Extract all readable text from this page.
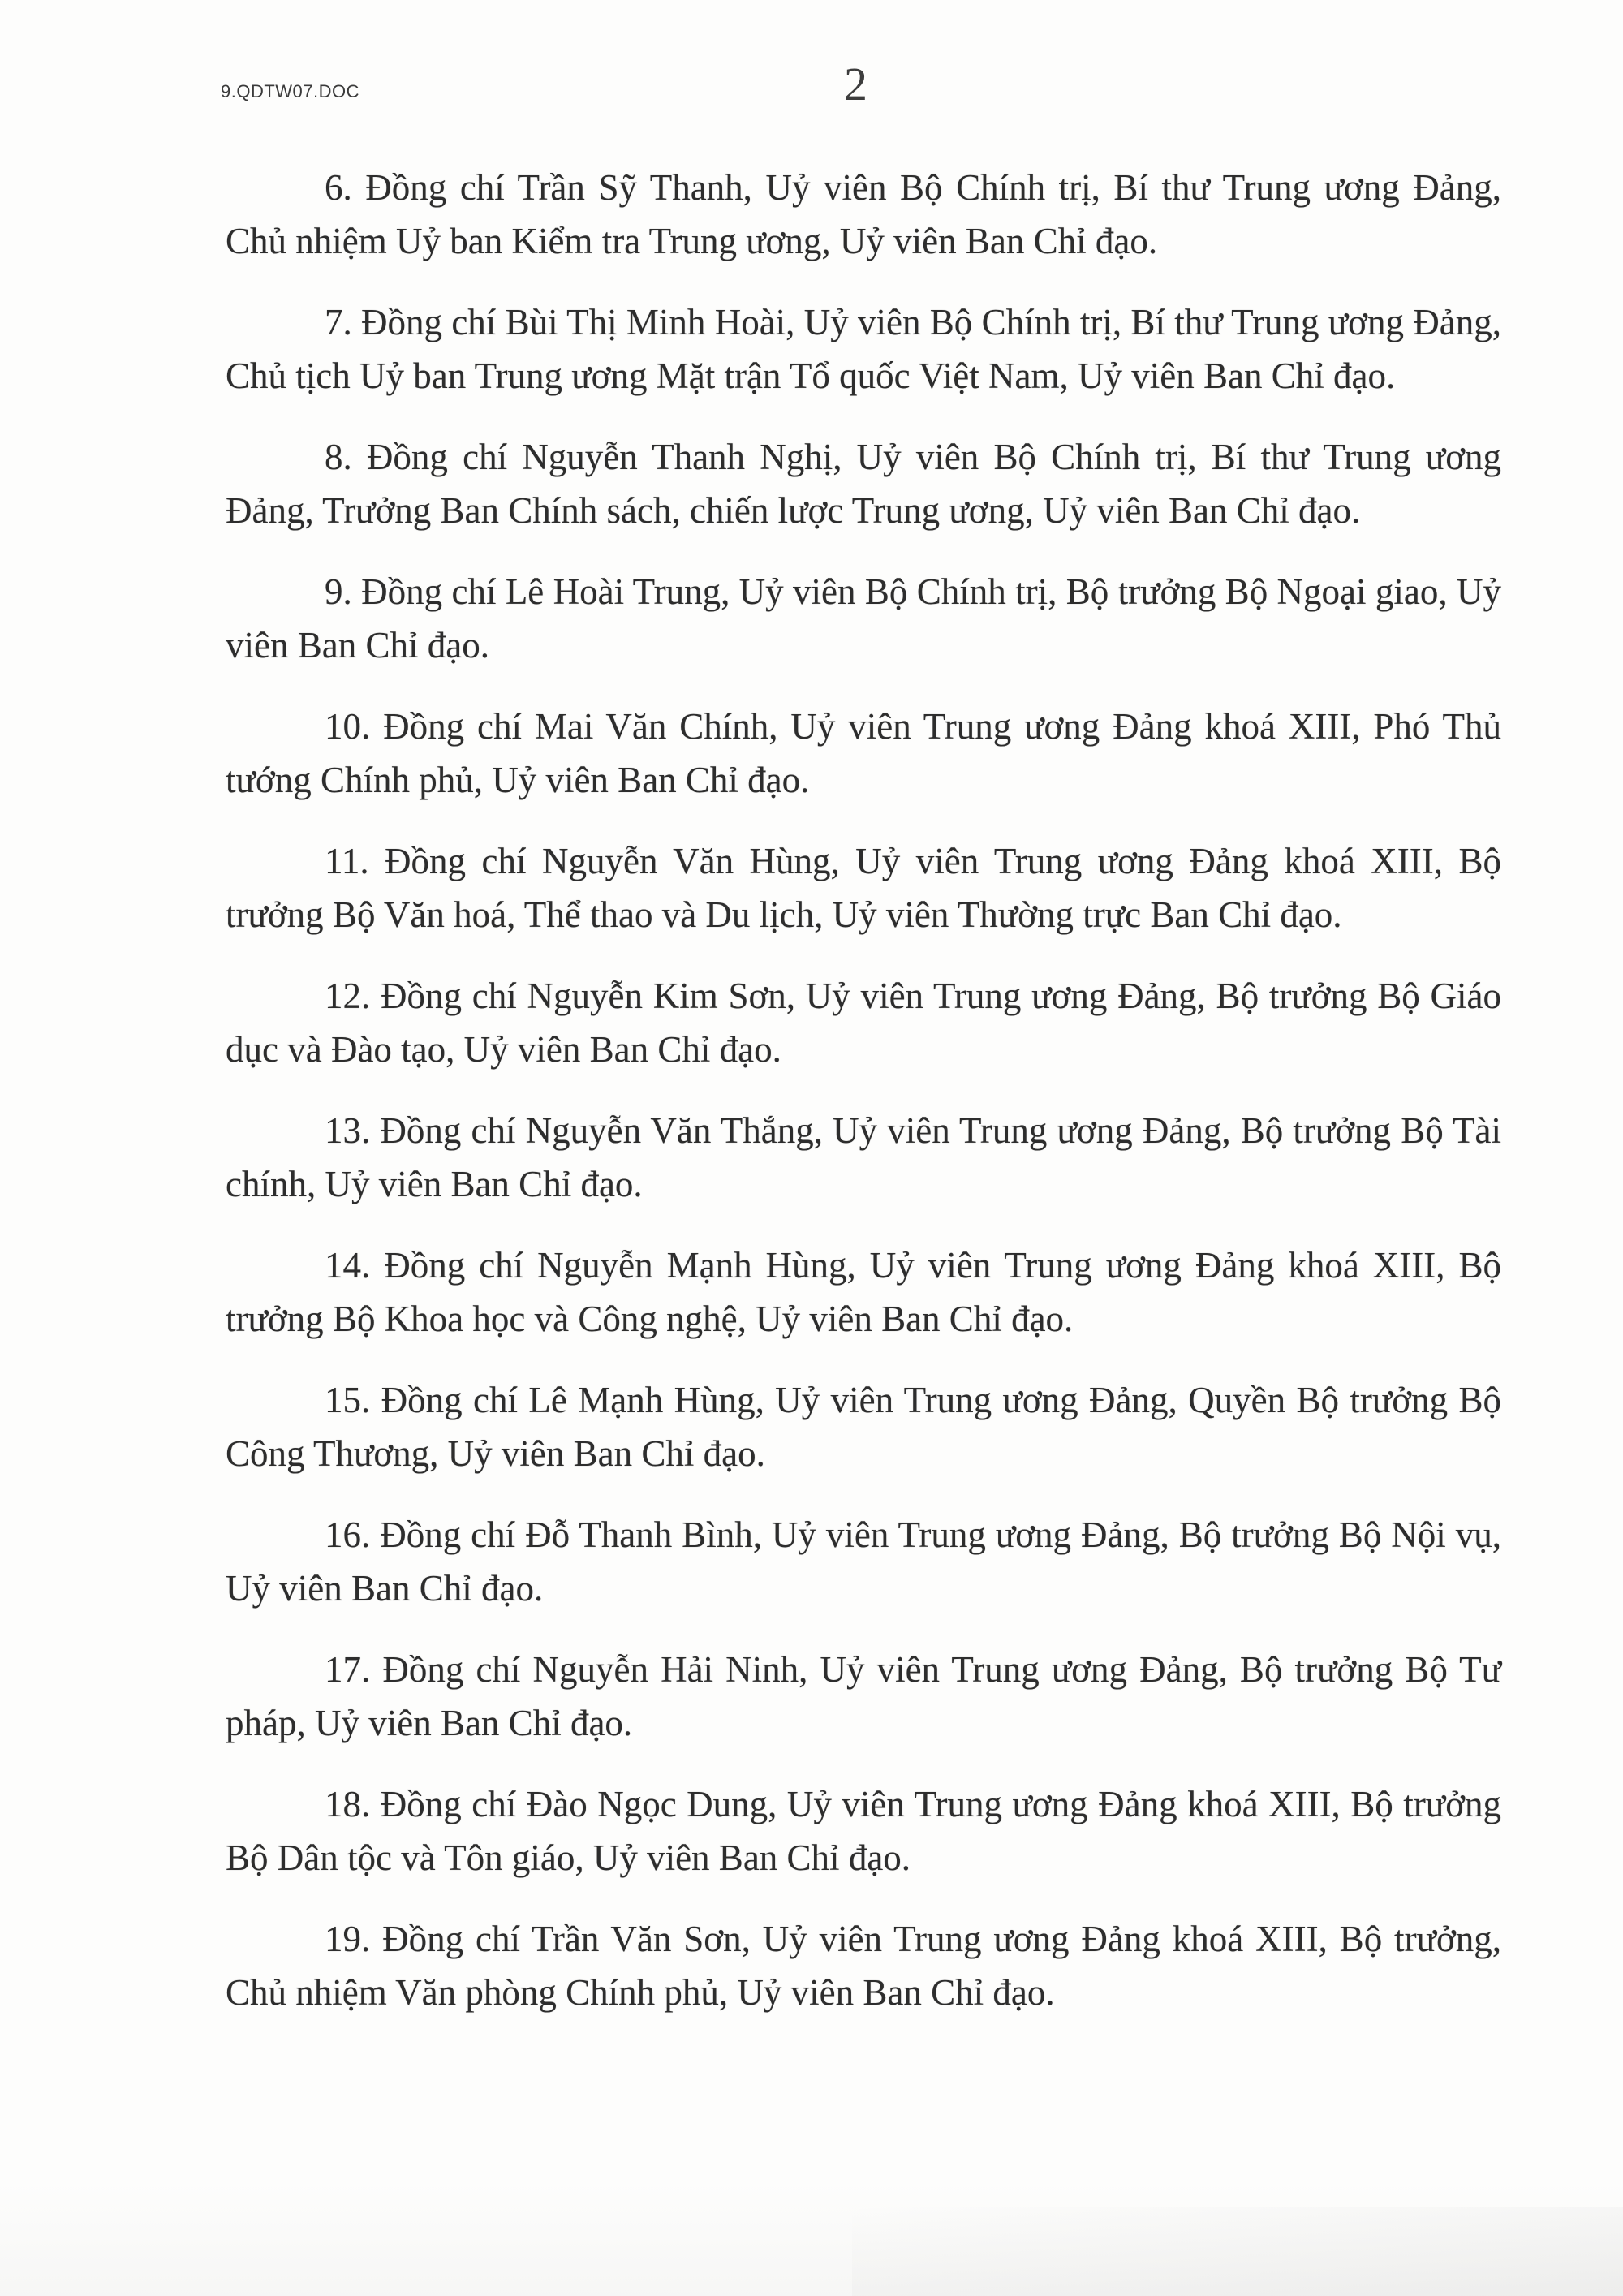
9.QDTW07.DOC	2

6. Đồng chí Trần Sỹ Thanh, Uỷ viên Bộ Chính trị, Bí thư Trung ương Đảng, Chủ nhiệm Uỷ ban Kiểm tra Trung ương, Uỷ viên Ban Chỉ đạo.

7. Đồng chí Bùi Thị Minh Hoài, Uỷ viên Bộ Chính trị, Bí thư Trung ương Đảng, Chủ tịch Uỷ ban Trung ương Mặt trận Tổ quốc Việt Nam, Uỷ viên Ban Chỉ đạo.

8. Đồng chí Nguyễn Thanh Nghị, Uỷ viên Bộ Chính trị, Bí thư Trung ương Đảng, Trưởng Ban Chính sách, chiến lược Trung ương, Uỷ viên Ban Chỉ đạo.

9. Đồng chí Lê Hoài Trung, Uỷ viên Bộ Chính trị, Bộ trưởng Bộ Ngoại giao, Uỷ viên Ban Chỉ đạo.

10. Đồng chí Mai Văn Chính, Uỷ viên Trung ương Đảng khoá XIII, Phó Thủ tướng Chính phủ, Uỷ viên Ban Chỉ đạo.

11. Đồng chí Nguyễn Văn Hùng, Uỷ viên Trung ương Đảng khoá XIII, Bộ trưởng Bộ Văn hoá, Thể thao và Du lịch, Uỷ viên Thường trực Ban Chỉ đạo.

12. Đồng chí Nguyễn Kim Sơn, Uỷ viên Trung ương Đảng, Bộ trưởng Bộ Giáo dục và Đào tạo, Uỷ viên Ban Chỉ đạo.

13. Đồng chí Nguyễn Văn Thắng, Uỷ viên Trung ương Đảng, Bộ trưởng Bộ Tài chính, Uỷ viên Ban Chỉ đạo.

14. Đồng chí Nguyễn Mạnh Hùng, Uỷ viên Trung ương Đảng khoá XIII, Bộ trưởng Bộ Khoa học và Công nghệ, Uỷ viên Ban Chỉ đạo.

15. Đồng chí Lê Mạnh Hùng, Uỷ viên Trung ương Đảng, Quyền Bộ trưởng Bộ Công Thương, Uỷ viên Ban Chỉ đạo.

16. Đồng chí Đỗ Thanh Bình, Uỷ viên Trung ương Đảng, Bộ trưởng Bộ Nội vụ, Uỷ viên Ban Chỉ đạo.

17. Đồng chí Nguyễn Hải Ninh, Uỷ viên Trung ương Đảng, Bộ trưởng Bộ Tư pháp, Uỷ viên Ban Chỉ đạo.

18. Đồng chí Đào Ngọc Dung, Uỷ viên Trung ương Đảng khoá XIII, Bộ trưởng Bộ Dân tộc và Tôn giáo, Uỷ viên Ban Chỉ đạo.

19. Đồng chí Trần Văn Sơn, Uỷ viên Trung ương Đảng khoá XIII, Bộ trưởng, Chủ nhiệm Văn phòng Chính phủ, Uỷ viên Ban Chỉ đạo.
